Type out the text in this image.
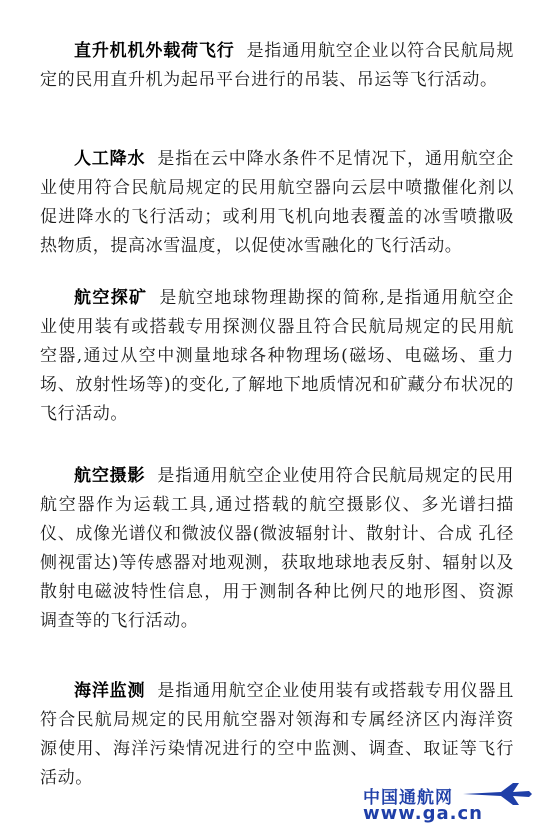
直升机机外载荷飞行 是指通用航空企业以符合民航局规定的民用直升机为起吊平台进行的吊装、吊运等飞行活动。

人工降水 是指在云中降水条件不足情况下，通用航空企业使用符合民航局规定的民用航空器向云层中喷撒催化剂以促进降水的飞行活动；或利用飞机向地表覆盖的冰雪喷撒吸热物质，提高冰雪温度，以促使冰雪融化的飞行活动。

航空探矿 是航空地球物理勘探的简称,是指通用航空企业使用装有或搭载专用探测仪器且符合民航局规定的民用航空器,通过从空中测量地球各种物理场(磁场、电磁场、重力场、放射性场等)的变化,了解地下地质情况和矿藏分布状况的飞行活动。

航空摄影 是指通用航空企业使用符合民航局规定的民用航空器作为运载工具,通过搭载的航空摄影仪、多光谱扫描仪、成像光谱仪和微波仪器(微波辐射计、散射计、合成 孔径侧视雷达)等传感器对地观测，获取地球地表反射、辐射以及散射电磁波特性信息，用于测制各种比例尺的地形图、资源调查等的飞行活动。

海洋监测 是指通用航空企业使用装有或搭载专用仪器且符合民航局规定的民用航空器对领海和专属经济区内海洋资源使用、海洋污染情况进行的空中监测、调查、取证等飞行活动。

中国通航网
www.ga.cn
